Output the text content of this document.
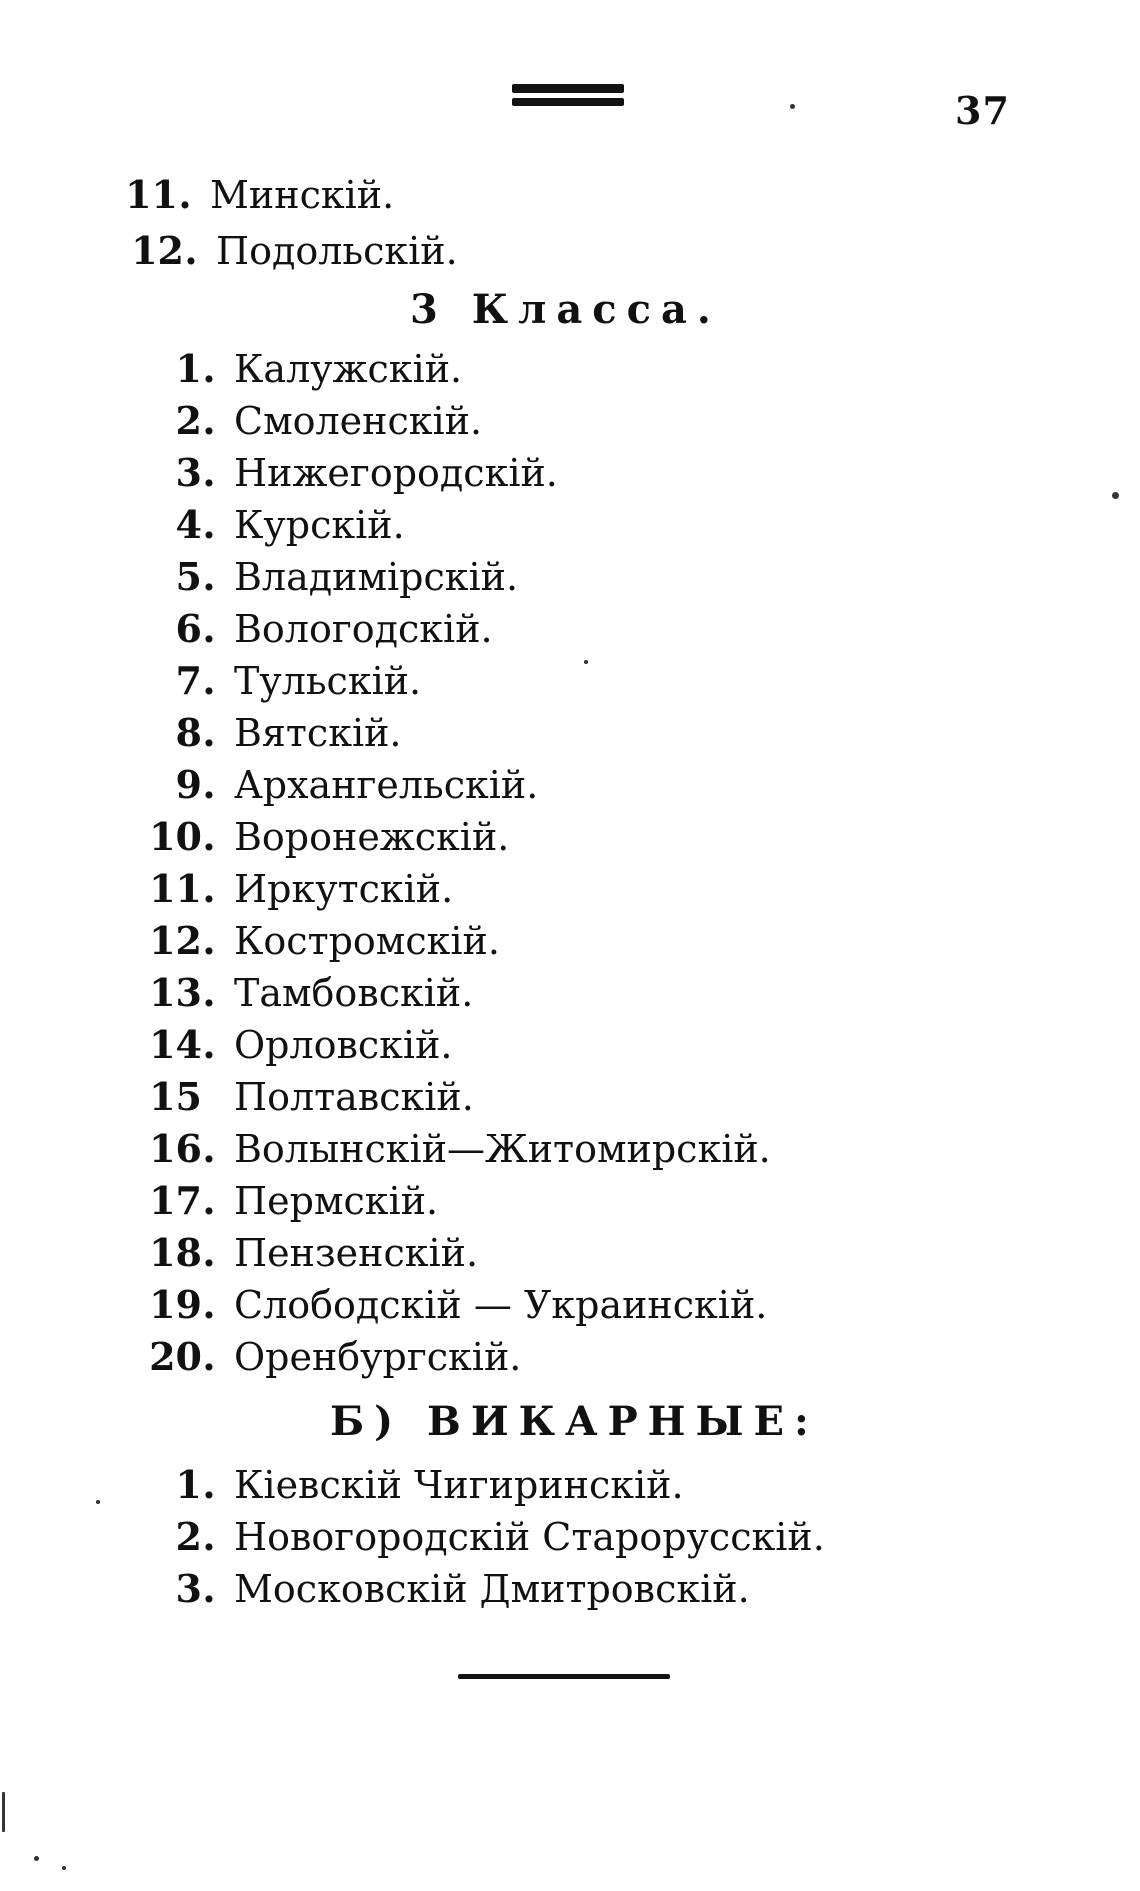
37
11. Минскій.
12. Подольскій.
3 Класса.
1. Калужскій.
2. Смоленскій.
3. Нижегородскій.
4. Курскій.
5. Владимірскій.
6. Вологодскій.
7. Тульскій.
8. Вятскій.
9. Архангельскій.
10. Воронежскій.
11. Иркутскій.
12. Костромскій.
13. Тамбовскій.
14. Орловскій.
15 Полтавскій.
16. Волынскій—Житомирскій.
17. Пермскій.
18. Пензенскій.
19. Слободскій — Украинскій.
20. Оренбургскій.
Б) ВИКАРНЫЕ:
1. Кіевскій Чигиринскій.
2. Новогородскій Старорусскій.
3. Московскій Дмитровскій.
